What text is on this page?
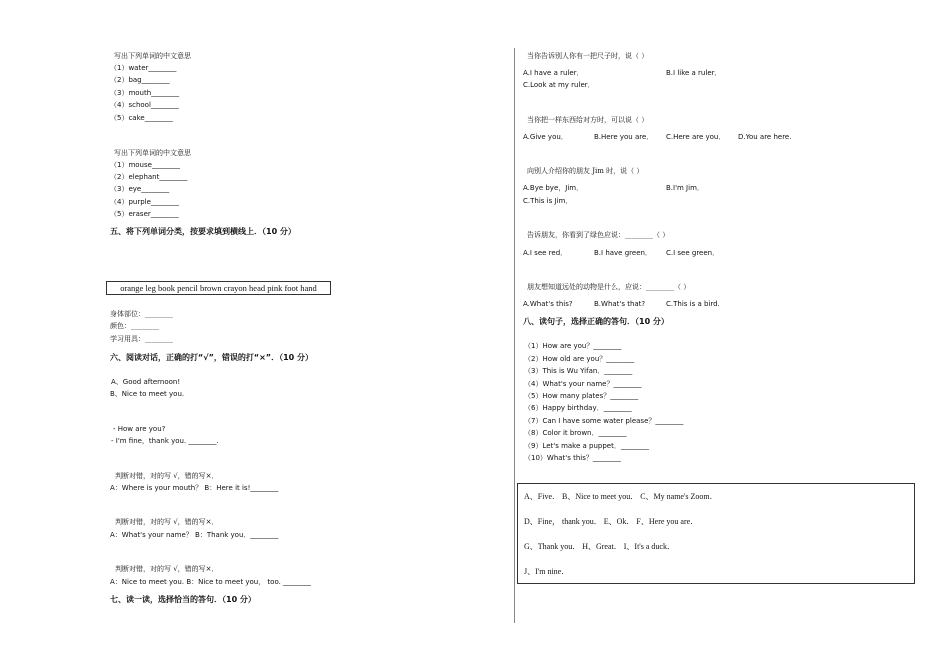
写出下列单词的中文意思
（1）water________
（2）bag________
（3）mouth________
（4）school________
（5）cake________
写出下列单词的中文意思
（1）mouse________
（2）elephant________
（3）eye________
（4）purple________
（5）eraser________
五、将下列单词分类，按要求填到横线上．（10 分）
orange leg book pencil brown crayon head pink foot hand
身体部位：________
颜色：________
学习用具：________
六、阅读对话，正确的打“√”，错误的打“×”．（10 分）
A、Good afternoon!
B、Nice to meet you.
- How are you?
- I'm fine，thank you. ________.
判断对错，对的写 √，错的写×．
A：Where is your mouth？ B：Here it is!________
判断对错，对的写 √，错的写×．
A：What's your name？ B：Thank you．________
判断对错，对的写 √，错的写×．
A：Nice to meet you. B：Nice to meet you， too. ________
七、读一读，选择恰当的答句．（10 分）
当你告诉别人你有一把尺子时，说（ ）
A.I have a ruler．	B.I like a ruler．
C.Look at my ruler．
当你把一样东西给对方时，可以说（ ）
A.Give you．	B.Here you are． C.Here are you． D.You are here.
向别人介绍你的朋友 Jim 时，说（ ）
A.Bye bye，Jim．	B.I'm Jim．
C.This is Jim．
告诉朋友，你看到了绿色应说：________（ ）
A.I see red．	B.I have green． C.I see green．
朋友想知道远处的动物是什么，应说：________（ ）
A.What's this?	B.What's that?	C.This is a bird.
八、读句子，选择正确的答句．（10 分）
（1）How are you？________
（2）How old are you？________
（3）This is Wu Yifan．________
（4）What's your name？________
（5）How many plates？________
（6）Happy birthday．________
（7）Can I have some water please？________
（8）Color it brown．________
（9）Let's make a puppet．________
（10）What's this？________
A、Five． B、Nice to meet you． C、My name's Zoom．
D、Fine， thank you． E、Ok． F、Here you are．
G、Thank you． H、Great． I、It's a duck．
J、I'm nine．
